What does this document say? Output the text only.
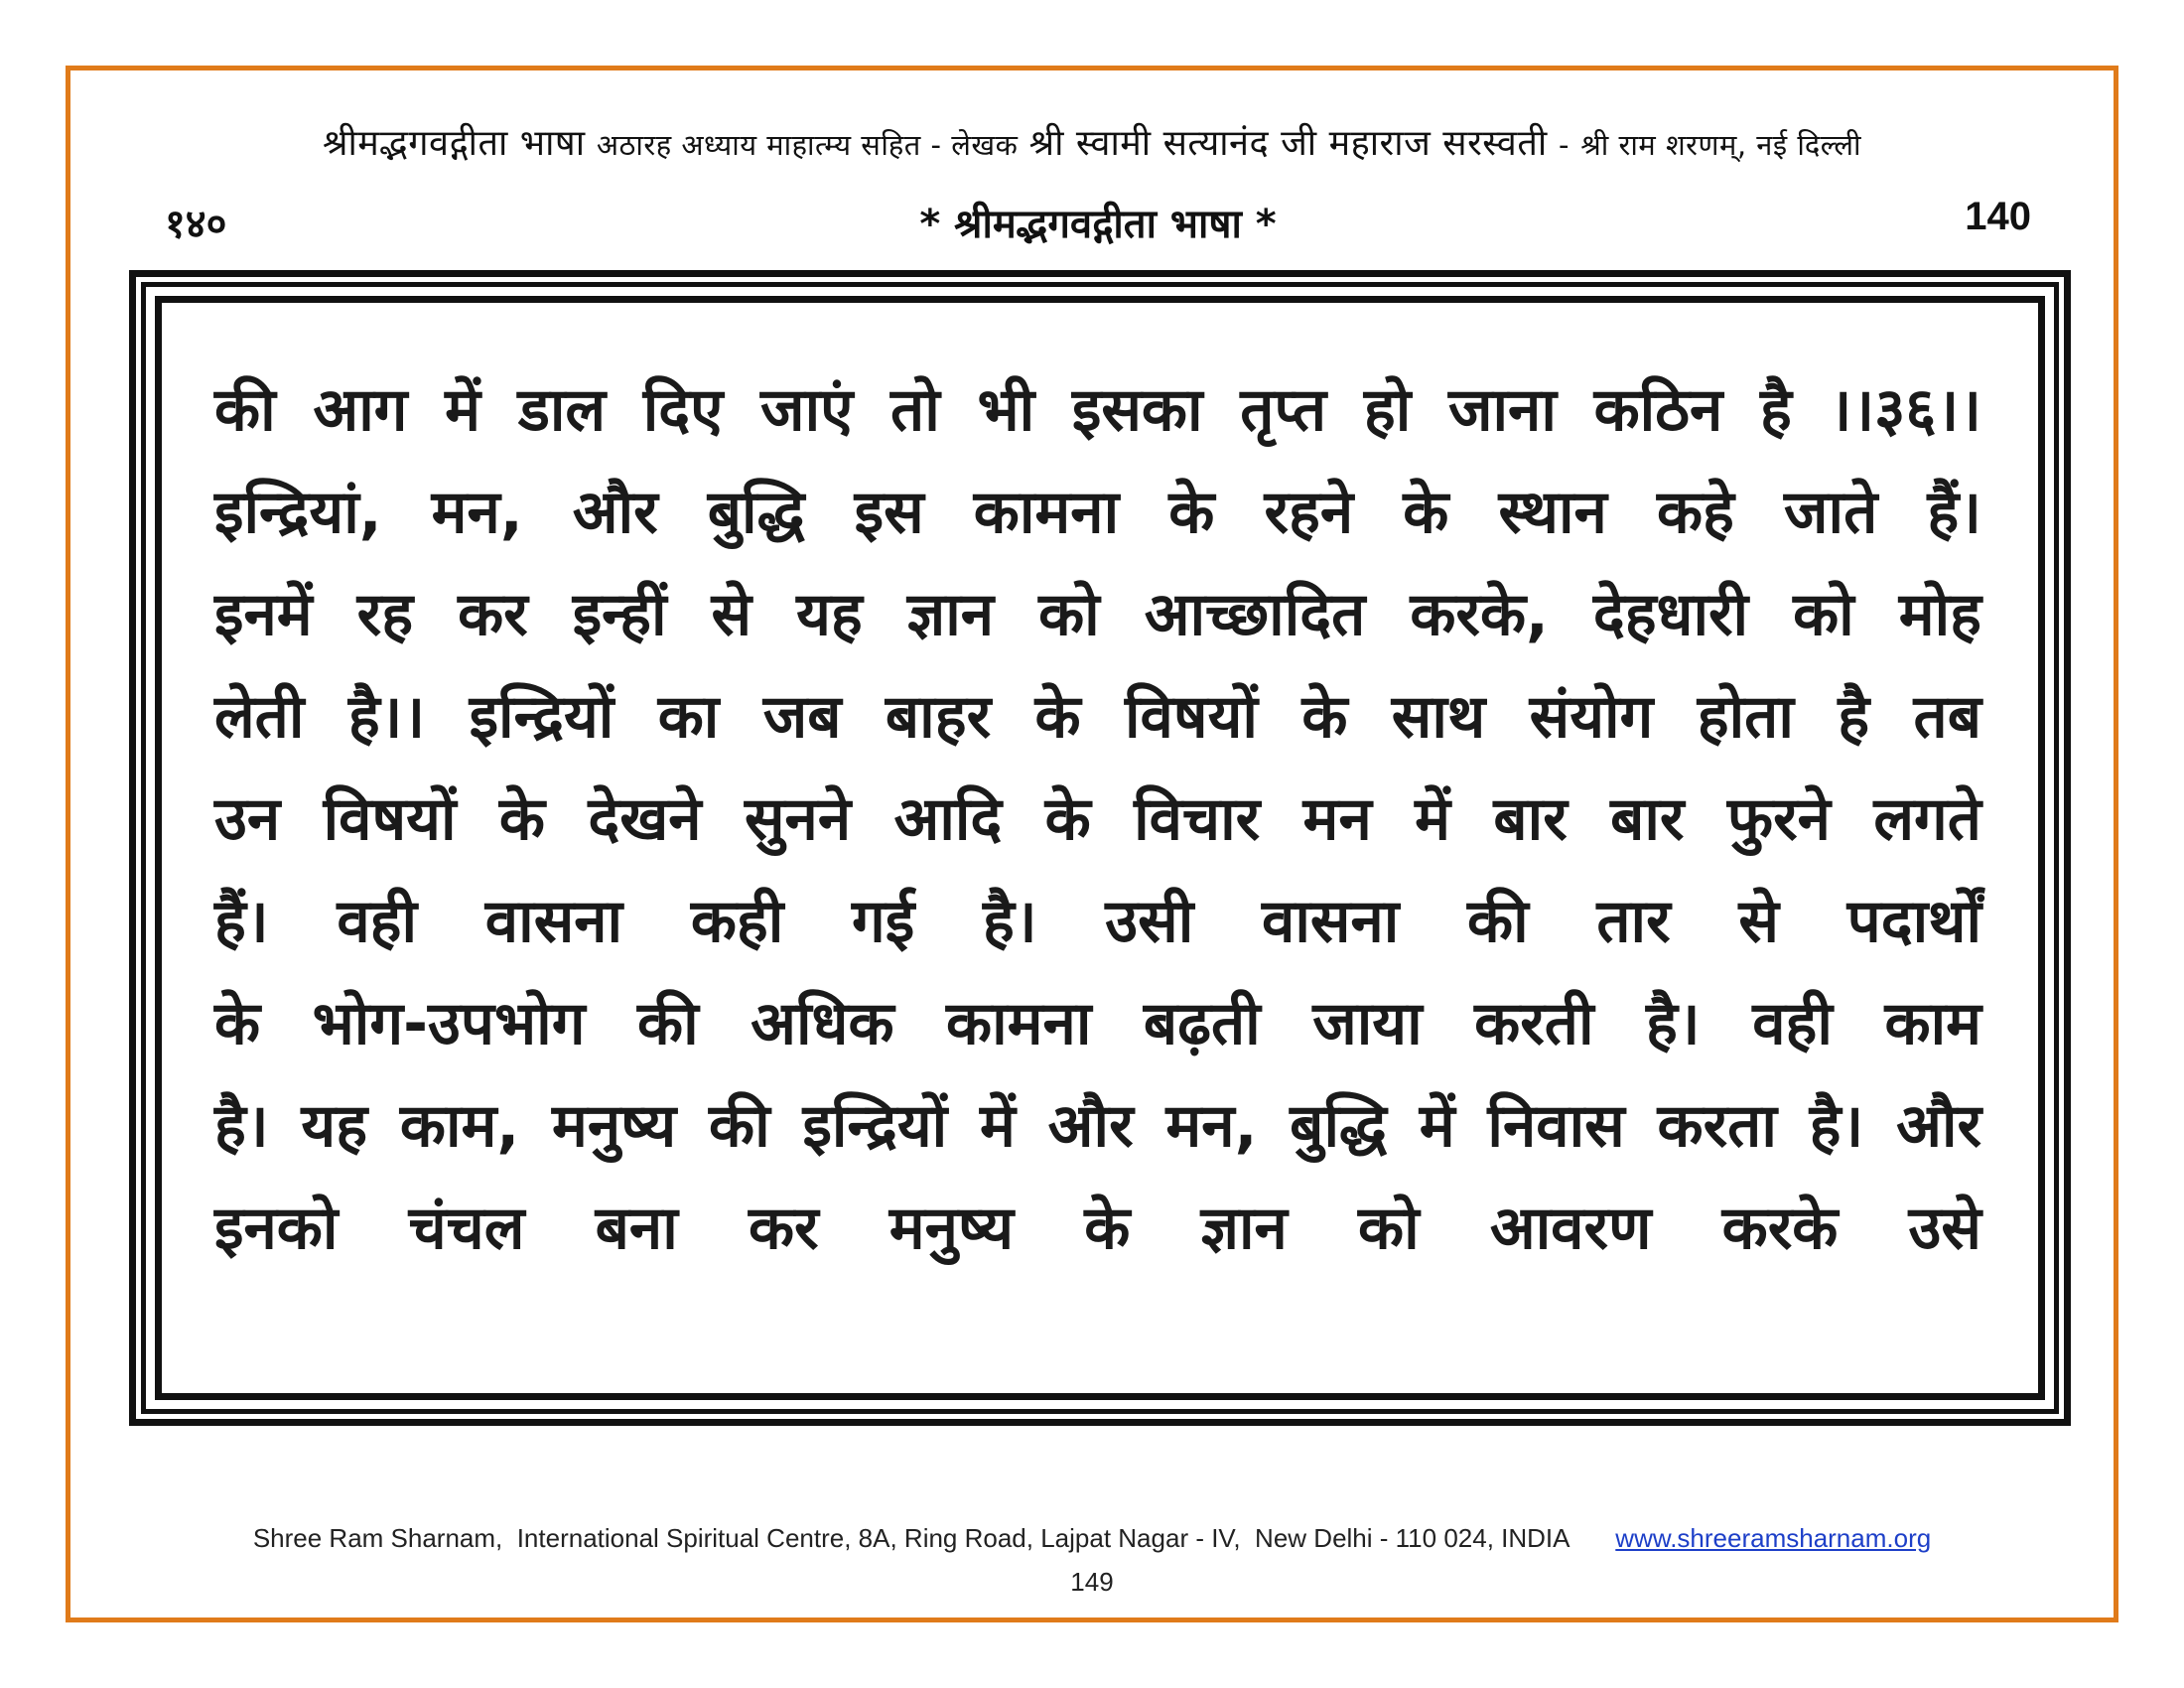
श्रीमद्भगवद्गीता भाषा अठारह अध्याय माहात्म्य सहित - लेखक श्री स्वामी सत्यानंद जी महाराज सरस्वती - श्री राम शरणम्, नई दिल्ली
१४०	* श्रीमद्भगवद्गीता भाषा *	140
की आग में डाल दिए जाएं तो भी इसका तृप्त हो जाना कठिन है ।।३६।।
इन्द्रियां, मन, और बुद्धि इस कामना के रहने के स्थान कहे जाते हैं।
इनमें रह कर इन्हीं से यह ज्ञान को आच्छादित करके, देहधारी को मोह
लेती है।। इन्द्रियों का जब बाहर के विषयों के साथ संयोग होता है तब
उन विषयों के देखने सुनने आदि के विचार मन में बार बार फुरने लगते
हैं। वही वासना कही गई है। उसी वासना की तार से पदार्थों
के भोग-उपभोग की अधिक कामना बढ़ती जाया करती है। वही काम
है। यह काम, मनुष्य की इन्द्रियों में और मन, बुद्धि में निवास करता है। और
इनको चंचल बना कर मनुष्य के ज्ञान को आवरण करके उसे
Shree Ram Sharnam,  International Spiritual Centre, 8A, Ring Road, Lajpat Nagar - IV,  New Delhi - 110 024, INDIA www.shreeramsharnam.org
149
